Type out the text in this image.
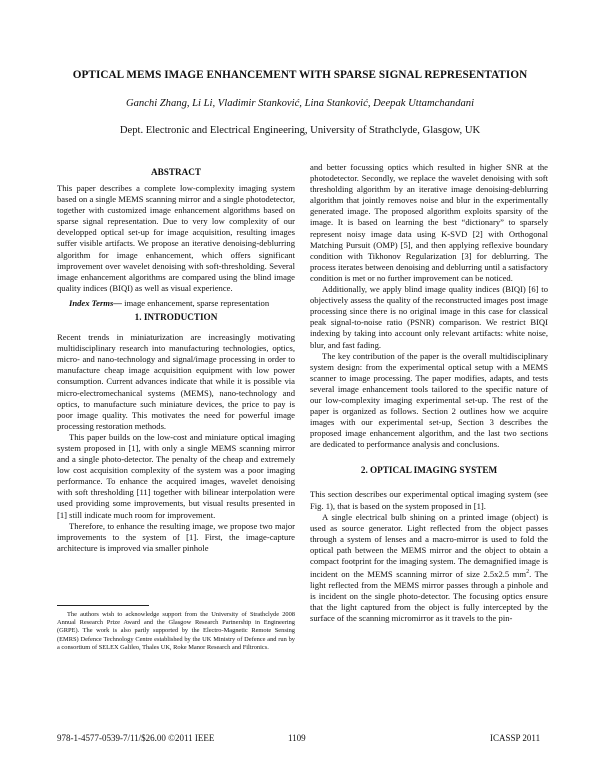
OPTICAL MEMS IMAGE ENHANCEMENT WITH SPARSE SIGNAL REPRESENTATION
Ganchi Zhang, Li Li, Vladimir Stanković, Lina Stanković, Deepak Uttamchandani
Dept. Electronic and Electrical Engineering, University of Strathclyde, Glasgow, UK
ABSTRACT

This paper describes a complete low-complexity imaging system based on a single MEMS scanning mirror and a single photodetector, together with customized image enhancement algorithms based on sparse signal representation. Due to very low complexity of our developped optical set-up for image acquisition, resulting images suffer visible artifacts. We propose an iterative denoising-deblurring algorithm for image enhancement, which offers significant improvement over wavelet denoising with soft-thresholding. Several image enhancement algorithms are compared using the blind image quality indices (BIQI) as well as visual experience.

Index Terms— image enhancement, sparse representation

1. INTRODUCTION

Recent trends in miniaturization are increasingly motivating multidisciplinary research into manufacturing technologies, optics, micro- and nano-technology and signal/image processing in order to manufacture cheap image acquisition equipment with low power consumption. Current advances indicate that while it is possible via micro-electromechanical systems (MEMS), nano-technology and optics, to manufacture such miniature devices, the price to pay is poor image quality. This motivates the need for powerful image processing restoration methods.

This paper builds on the low-cost and miniature optical imaging system proposed in [1], with only a single MEMS scanning mirror and a single photo-detector. The penalty of the cheap and extremely low cost acquisition complexity of the system was a poor imaging performance. To enhance the acquired images, wavelet denoising with soft thresholding [11] together with bilinear interpolation were used providing some improvements, but visual results presented in [1] still indicate much room for improvement.

Therefore, to enhance the resulting image, we propose two major improvements to the system of [1]. First, the image-capture architecture is improved via smaller pinhole

The authors wish to acknowledge support from the University of Strathclyde 2008 Annual Research Prize Award and the Glasgow Research Partnership in Engineering (GRPE). The work is also partly supported by the Electro-Magnetic Remote Sensing (EMRS) Defence Technology Centre established by the UK Ministry of Defence and run by a consortium of SELEX Galileo, Thales UK, Roke Manor Research and Filtronics.

and better focussing optics which resulted in higher SNR at the photodetector. Secondly, we replace the wavelet denoising with soft thresholding algorithm by an iterative image denoising-deblurring algorithm that jointly removes noise and blur in the experimentally generated image. The proposed algorithm exploits sparsity of the image. It is based on learning the best “dictionary” to sparsely represent noisy image data using K-SVD [2] with Orthogonal Matching Pursuit (OMP) [5], and then applying reflexive boundary condition with Tikhonov Regularization [3] for deblurring. The process iterates between denoising and deblurring until a satisfactory condition is met or no further improvement can be noticed.

Additionally, we apply blind image quality indices (BIQI) [6] to objectively assess the quality of the reconstructed images post image processing since there is no original image in this case for classical peak signal-to-noise ratio (PSNR) comparison. We restrict BIQI indexing by taking into account only relevant artifacts: white noise, blur, and fast fading.

The key contribution of the paper is the overall multidisciplinary system design: from the experimental optical setup with a MEMS scanner to image processing. The paper modifies, adapts, and tests several image enhancement tools tailored to the specific nature of our low-complexity imaging experimental set-up. The rest of the paper is organized as follows. Section 2 outlines how we acquire images with our experimental set-up, Section 3 describes the proposed image enhancement algorithm, and the last two sections are dedicated to performance analysis and conclusions.

2. OPTICAL IMAGING SYSTEM

This section describes our experimental optical imaging system (see Fig. 1), that is based on the system proposed in [1].

A single electrical bulb shining on a printed image (object) is used as source generator. Light reflected from the object passes through a system of lenses and a macro-mirror is used to fold the optical path between the MEMS mirror and the object to obtain a compact footprint for the imaging system. The demagnified image is incident on the MEMS scanning mirror of size 2.5x2.5 $mm^2$. The light reflected from the MEMS mirror passes through a pinhole and is incident on the single photo-detector. The focusing optics ensure that the light captured from the object is fully intercepted by the surface of the scanning micromirror as it travels to the pin-

978-1-4577-0539-7/11/$26.00 ©2011 IEEE	1109	ICASSP 2011
